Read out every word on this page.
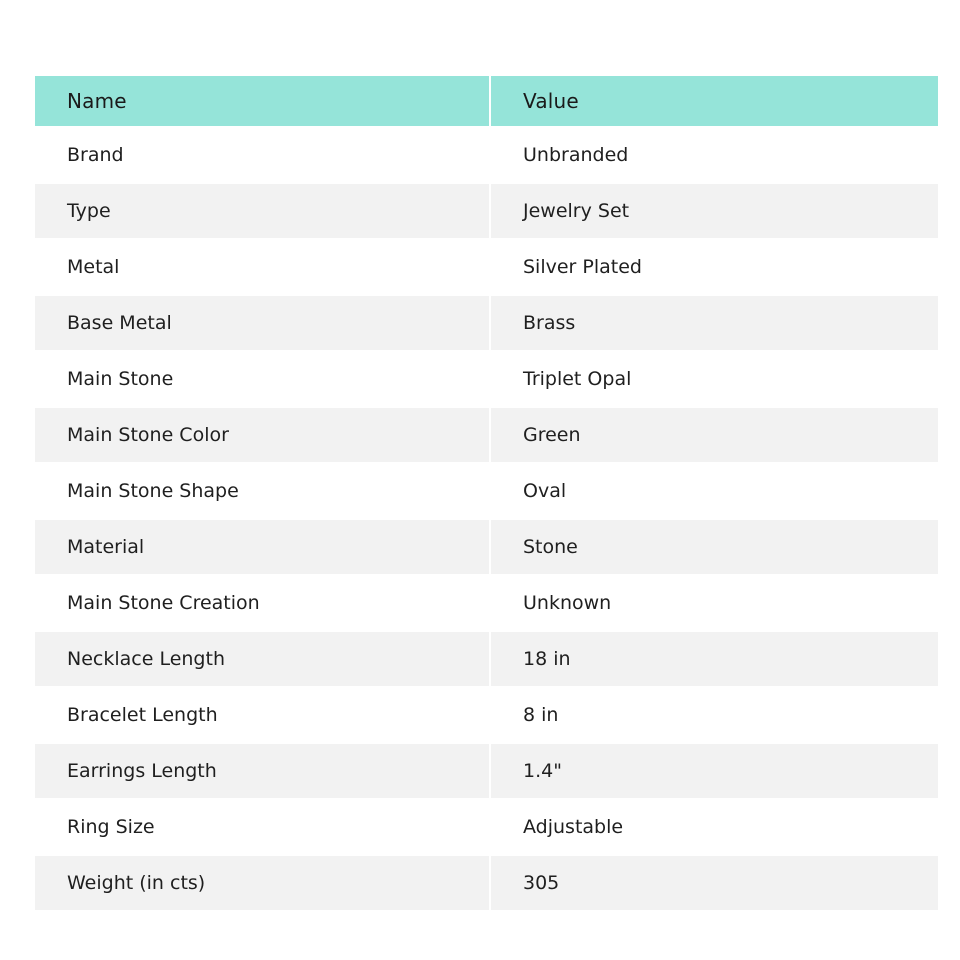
Name	Value
Brand	Unbranded
Type	Jewelry Set
Metal	Silver Plated
Base Metal	Brass
Main Stone	Triplet Opal
Main Stone Color	Green
Main Stone Shape	Oval
Material	Stone
Main Stone Creation	Unknown
Necklace Length	18 in
Bracelet Length	8 in
Earrings Length	1.4"
Ring Size	Adjustable
Weight (in cts)	305
